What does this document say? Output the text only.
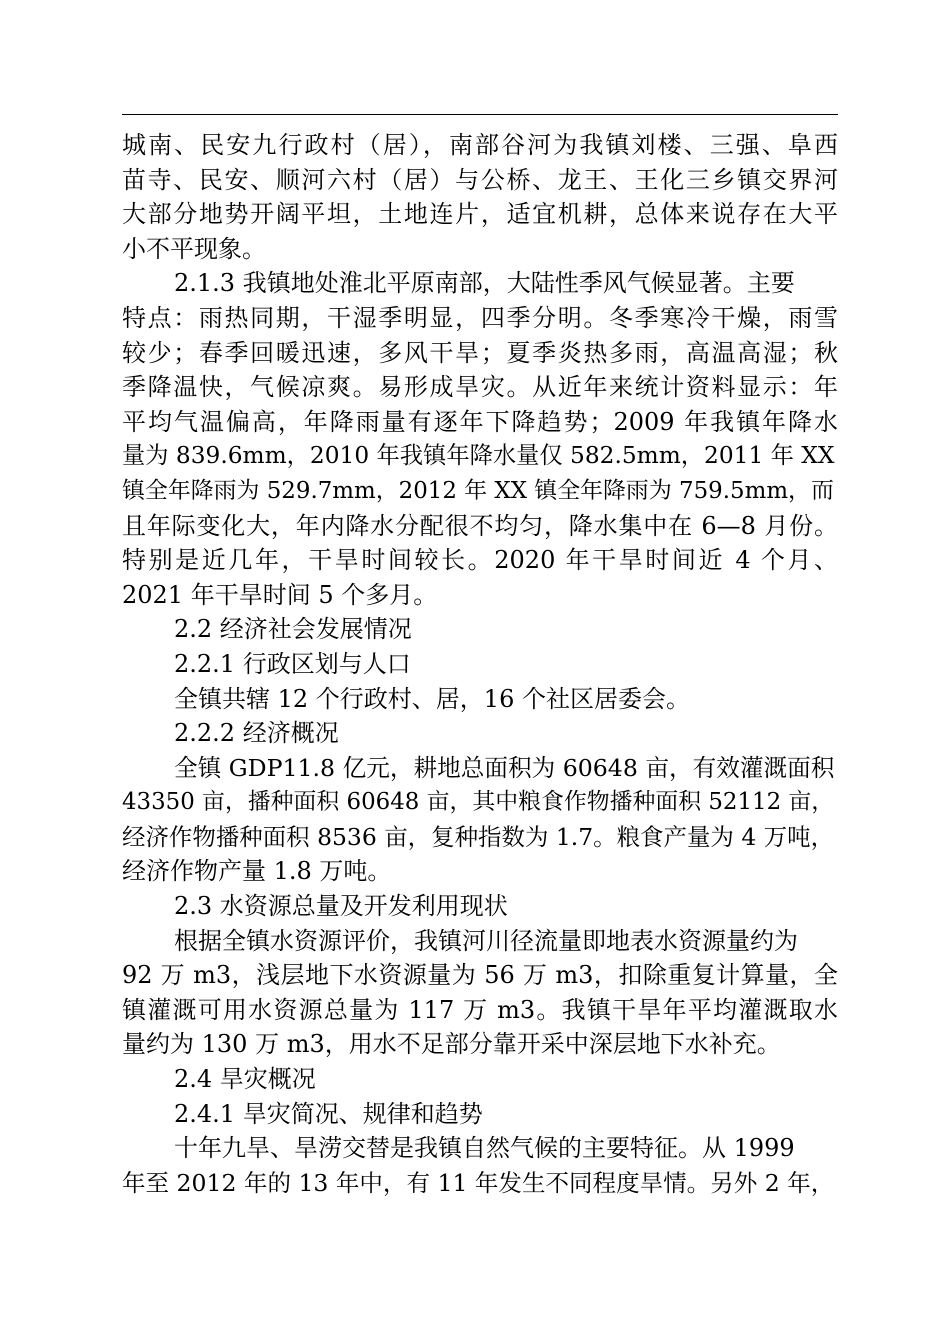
城南、民安九行政村（居），南部谷河为我镇刘楼、三强、阜西
苗寺、民安、顺河六村（居）与公桥、龙王、王化三乡镇交界河
大部分地势开阔平坦，土地连片，适宜机耕，总体来说存在大平
小不平现象。
2.1.3 我镇地处淮北平原南部，大陆性季风气候显著。主要
特点：雨热同期，干湿季明显，四季分明。冬季寒冷干燥，雨雪
较少；春季回暖迅速，多风干旱；夏季炎热多雨，高温高湿；秋
季降温快，气候凉爽。易形成旱灾。从近年来统计资料显示：年
平均气温偏高，年降雨量有逐年下降趋势；2009 年我镇年降水
量为 839.6mm，2010 年我镇年降水量仅 582.5mm，2011 年 XX
镇全年降雨为 529.7mm，2012 年 XX 镇全年降雨为 759.5mm，而
且年际变化大，年内降水分配很不均匀，降水集中在 6—8 月份。
特别是近几年，干旱时间较长。2020 年干旱时间近 4 个月、
2021 年干旱时间 5 个多月。
2.2 经济社会发展情况
2.2.1 行政区划与人口
全镇共辖 12 个行政村、居，16 个社区居委会。
2.2.2 经济概况
全镇 GDP11.8 亿元，耕地总面积为 60648 亩，有效灌溉面积
43350 亩，播种面积 60648 亩，其中粮食作物播种面积 52112 亩，
经济作物播种面积 8536 亩，复种指数为 1.7。粮食产量为 4 万吨，
经济作物产量 1.8 万吨。
2.3 水资源总量及开发利用现状
根据全镇水资源评价，我镇河川径流量即地表水资源量约为
92 万 m3，浅层地下水资源量为 56 万 m3，扣除重复计算量，全
镇灌溉可用水资源总量为 117 万 m3。我镇干旱年平均灌溉取水
量约为 130 万 m3，用水不足部分靠开采中深层地下水补充。
2.4 旱灾概况
2.4.1 旱灾简况、规律和趋势
十年九旱、旱涝交替是我镇自然气候的主要特征。从 1999
年至 2012 年的 13 年中，有 11 年发生不同程度旱情。另外 2 年，
